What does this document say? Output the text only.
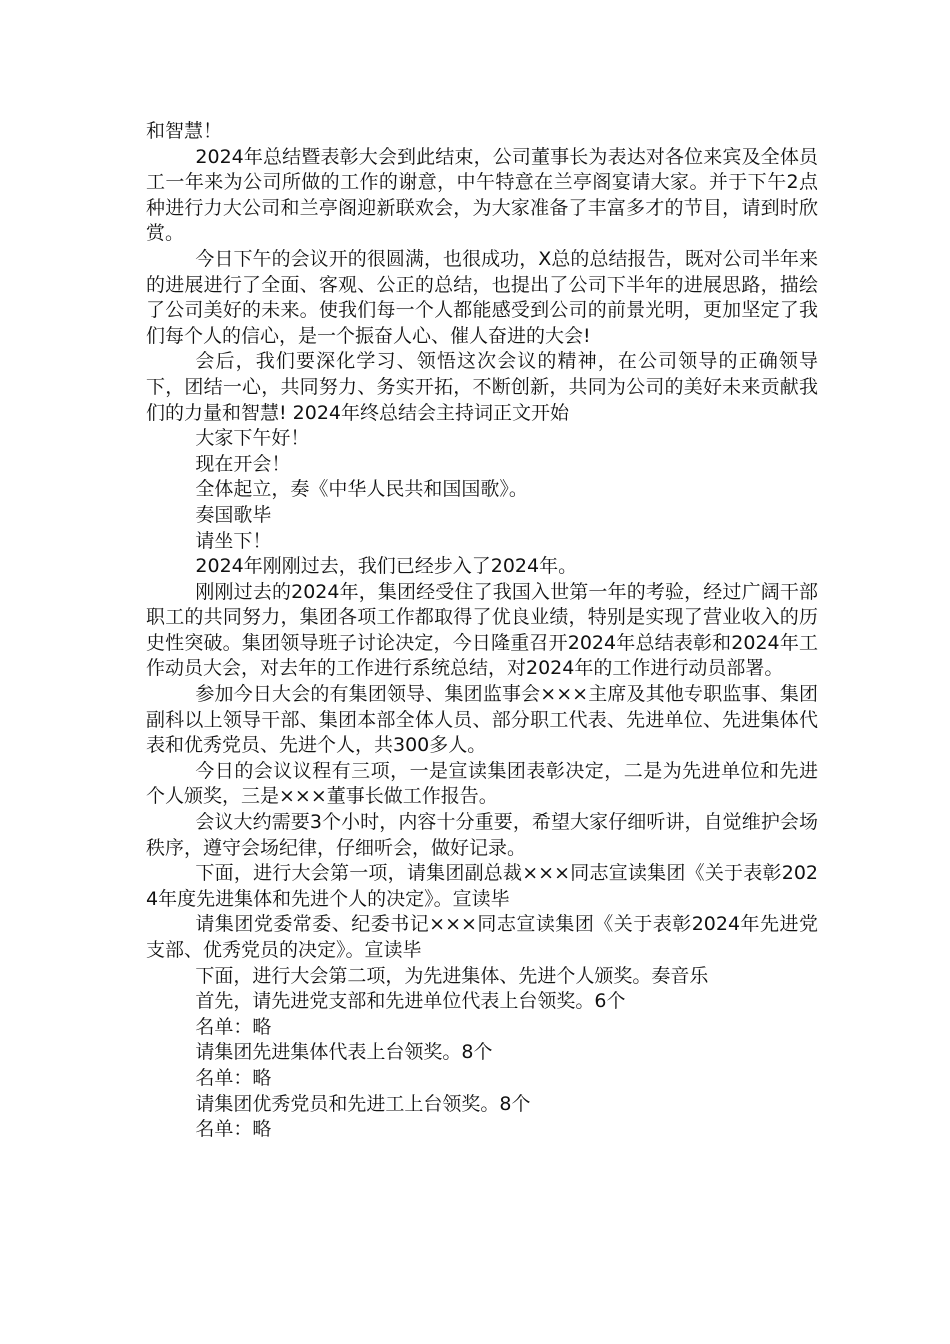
和智慧！

2024年总结暨表彰大会到此结束，公司董事长为表达对各位来宾及全体员工一年来为公司所做的工作的谢意，中午特意在兰亭阁宴请大家。并于下午2点种进行力大公司和兰亭阁迎新联欢会，为大家准备了丰富多才的节目，请到时欣赏。

今日下午的会议开的很圆满，也很成功，X总的总结报告，既对公司半年来的进展进行了全面、客观、公正的总结，也提出了公司下半年的进展思路，描绘了公司美好的未来。使我们每一个人都能感受到公司的前景光明，更加坚定了我们每个人的信心，是一个振奋人心、催人奋进的大会!

会后，我们要深化学习、领悟这次会议的精神，在公司领导的正确领导下，团结一心，共同努力、务实开拓，不断创新，共同为公司的美好未来贡献我们的力量和智慧! 2024年终总结会主持词正文开始

大家下午好！

现在开会！

全体起立，奏《中华人民共和国国歌》。

奏国歌毕

请坐下！

2024年刚刚过去，我们已经步入了2024年。

刚刚过去的2024年，集团经受住了我国入世第一年的考验，经过广阔干部职工的共同努力，集团各项工作都取得了优良业绩，特别是实现了营业收入的历史性突破。集团领导班子讨论决定，今日隆重召开2024年总结表彰和2024年工作动员大会，对去年的工作进行系统总结，对2024年的工作进行动员部署。

参加今日大会的有集团领导、集团监事会×××主席及其他专职监事、集团副科以上领导干部、集团本部全体人员、部分职工代表、先进单位、先进集体代表和优秀党员、先进个人，共300多人。

今日的会议议程有三项，一是宣读集团表彰决定，二是为先进单位和先进个人颁奖，三是×××董事长做工作报告。

会议大约需要3个小时，内容十分重要，希望大家仔细听讲，自觉维护会场秩序，遵守会场纪律，仔细听会，做好记录。

下面，进行大会第一项，请集团副总裁×××同志宣读集团《关于表彰2024年度先进集体和先进个人的决定》。宣读毕

请集团党委常委、纪委书记×××同志宣读集团《关于表彰2024年先进党支部、优秀党员的决定》。宣读毕

下面，进行大会第二项，为先进集体、先进个人颁奖。奏音乐

首先，请先进党支部和先进单位代表上台领奖。6个

名单：略

请集团先进集体代表上台领奖。8个

名单：略

请集团优秀党员和先进工上台领奖。8个

名单：略
